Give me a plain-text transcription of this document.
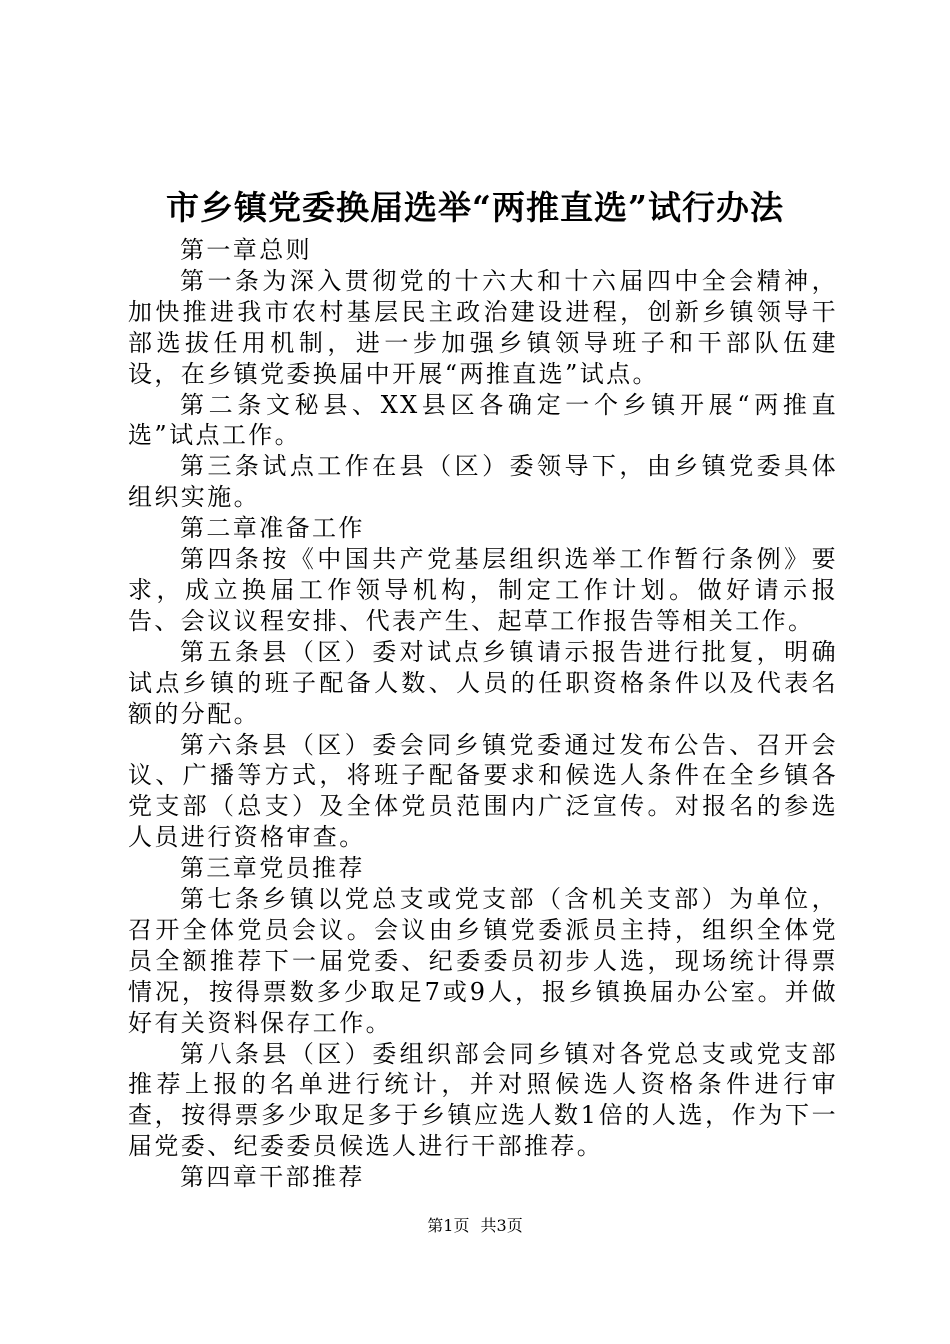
市乡镇党委换届选举“两推直选”试行办法

第一章总则

第一条为深入贯彻党的十六大和十六届四中全会精神，加快推进我市农村基层民主政治建设进程，创新乡镇领导干部选拔任用机制，进一步加强乡镇领导班子和干部队伍建设，在乡镇党委换届中开展“两推直选”试点。

第二条文秘县、XX县区各确定一个乡镇开展“两推直选”试点工作。

第三条试点工作在县（区）委领导下，由乡镇党委具体组织实施。

第二章准备工作

第四条按《中国共产党基层组织选举工作暂行条例》要求，成立换届工作领导机构，制定工作计划。做好请示报告、会议议程安排、代表产生、起草工作报告等相关工作。

第五条县（区）委对试点乡镇请示报告进行批复，明确试点乡镇的班子配备人数、人员的任职资格条件以及代表名额的分配。

第六条县（区）委会同乡镇党委通过发布公告、召开会议、广播等方式，将班子配备要求和候选人条件在全乡镇各党支部（总支）及全体党员范围内广泛宣传。对报名的参选人员进行资格审查。

第三章党员推荐

第七条乡镇以党总支或党支部（含机关支部）为单位，召开全体党员会议。会议由乡镇党委派员主持，组织全体党员全额推荐下一届党委、纪委委员初步人选，现场统计得票情况，按得票数多少取足7或9人，报乡镇换届办公室。并做好有关资料保存工作。

第八条县（区）委组织部会同乡镇对各党总支或党支部推荐上报的名单进行统计，并对照候选人资格条件进行审查，按得票多少取足多于乡镇应选人数1倍的人选，作为下一届党委、纪委委员候选人进行干部推荐。

第四章干部推荐

第1页 共3页
